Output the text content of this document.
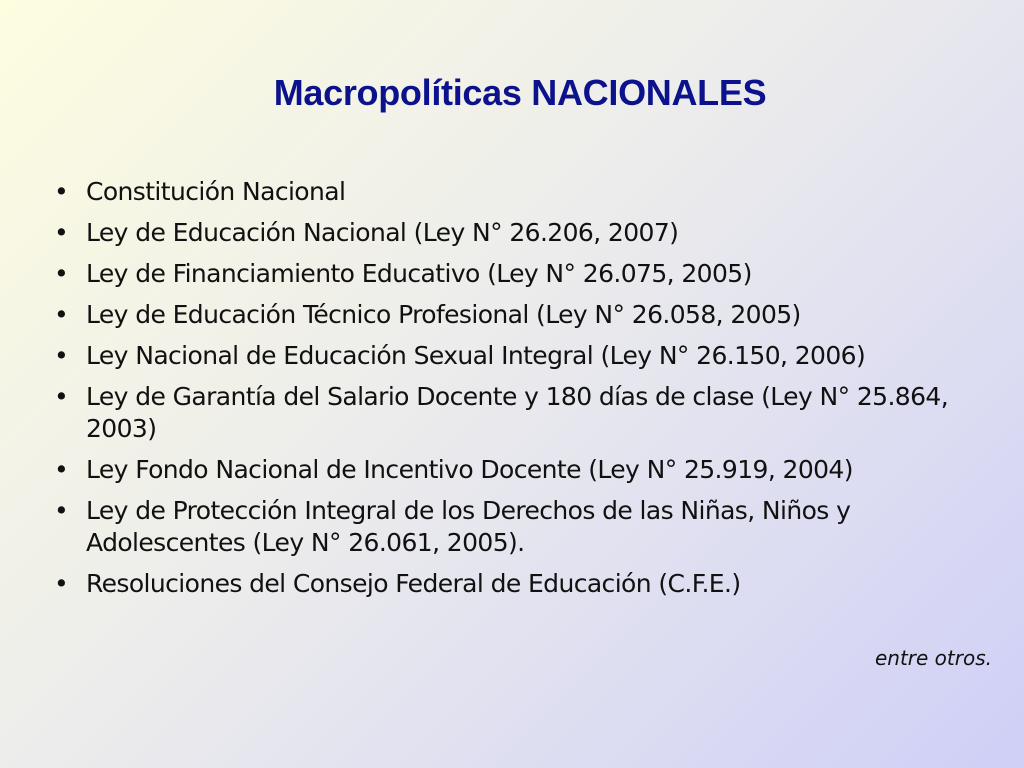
Macropolíticas NACIONALES
• Constitución Nacional
• Ley de Educación Nacional (Ley N° 26.206, 2007)
• Ley de Financiamiento Educativo (Ley N° 26.075, 2005)
• Ley de Educación Técnico Profesional (Ley N° 26.058, 2005)
• Ley Nacional de Educación Sexual Integral (Ley N° 26.150, 2006)
• Ley de Garantía del Salario Docente y 180 días de clase (Ley N° 25.864, 2003)
• Ley Fondo Nacional de Incentivo Docente (Ley N° 25.919, 2004)
• Ley de Protección Integral de los Derechos de las Niñas, Niños y Adolescentes (Ley N° 26.061, 2005).
• Resoluciones del Consejo Federal de Educación (C.F.E.)

entre otros.
